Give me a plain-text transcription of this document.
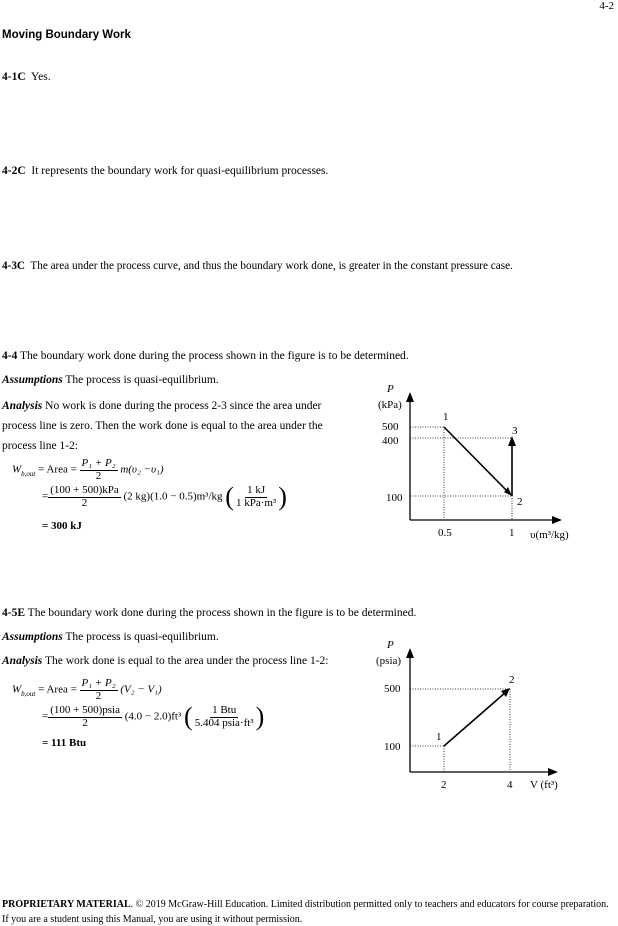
4-2
Moving Boundary Work
4-1C Yes.
4-2C It represents the boundary work for quasi-equilibrium processes.
4-3C The area under the process curve, and thus the boundary work done, is greater in the constant pressure case.
4-4 The boundary work done during the process shown in the figure is to be determined.
Assumptions The process is quasi-equilibrium.
Analysis No work is done during the process 2-3 since the area under
process line is zero. Then the work done is equal to the area under the
process line 1-2:
$W_{b,out}$ = Area = $\frac{\text{P₁ + P₂}}{2} m(\upsilon_2 -\upsilon_1)$
= $\frac{\text{(100 + 500)kPa}}{2} (2$ kg)(1.0 − 0.5)m³/kg ( $\frac{1 kJ}{\text{1 kPa·m³}}$ )
= 300 kJ
P
(kPa)
500
400
100
1
2
3
0.5	1 υ(m³/kg)
4-5E The boundary work done during the process shown in the figure is to be determined.
Assumptions The process is quasi-equilibrium.
Analysis The work done is equal to the area under the process line 1-2:
$W_{b,out}$ = Area = $\frac{\text{P₁ + P₂}}{2} (V_2 - V_1)$
= $\frac{\text{(100 + 500)psia}}{2} (4.0 - 2.0)ft^3$ ( $\frac{\text{1 Btu}}{\text{5.404 psia·ft³}}$ )
= 111 Btu
P
(psia)
500
100
1
2
2	4 V (ft³)
PROPRIETARY MATERIAL. © 2019 McGraw-Hill Education. Limited distribution permitted only to teachers and educators for course preparation.
If you are a student using this Manual, you are using it without permission.
